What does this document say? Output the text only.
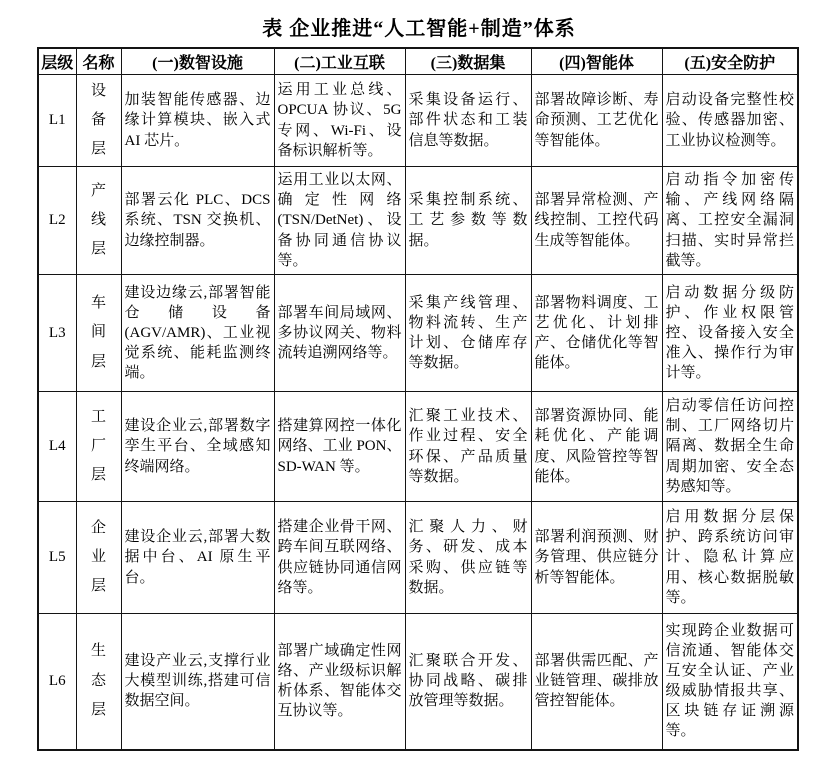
表 企业推进“人工智能+制造”体系
层级	名称	(一)数智设施	(二)工业互联	(三)数据集	(四)智能体	(五)安全防护
L1	设备层	加装智能传感器、边缘计算模块、嵌入式 AI 芯片。	运用工业总线、OPCUA 协议、5G 专网、Wi-Fi、设备标识解析等。	采集设备运行、部件状态和工装信息等数据。	部署故障诊断、寿命预测、工艺优化等智能体。	启动设备完整性校验、传感器加密、工业协议检测等。
L2	产线层	部署云化 PLC、DCS 系统、TSN 交换机、边缘控制器。	运用工业以太网、确定性网络(TSN/DetNet)、设备协同通信协议等。	采集控制系统、工艺参数等数据。	部署异常检测、产线控制、工控代码生成等智能体。	启动指令加密传输、产线网络隔离、工控安全漏洞扫描、实时异常拦截等。
L3	车间层	建设边缘云,部署智能仓储设备(AGV/AMR)、工业视觉系统、能耗监测终端。	部署车间局域网、多协议网关、物料流转追溯网络等。	采集产线管理、物料流转、生产计划、仓储库存等数据。	部署物料调度、工艺优化、计划排产、仓储优化等智能体。	启动数据分级防护、作业权限管控、设备接入安全准入、操作行为审计等。
L4	工厂层	建设企业云,部署数字孪生平台、全域感知终端网络。	搭建算网控一体化网络、工业 PON、SD-WAN 等。	汇聚工业技术、作业过程、安全环保、产品质量等数据。	部署资源协同、能耗优化、产能调度、风险管控等智能体。	启动零信任访问控制、工厂网络切片隔离、数据全生命周期加密、安全态势感知等。
L5	企业层	建设企业云,部署大数据中台、AI 原生平台。	搭建企业骨干网、跨车间互联网络、供应链协同通信网络等。	汇聚人力、财务、研发、成本采购、供应链等数据。	部署利润预测、财务管理、供应链分析等智能体。	启用数据分层保护、跨系统访问审计、隐私计算应用、核心数据脱敏等。
L6	生态层	建设产业云,支撑行业大模型训练,搭建可信数据空间。	部署广域确定性网络、产业级标识解析体系、智能体交互协议等。	汇聚联合开发、协同战略、碳排放管理等数据。	部署供需匹配、产业链管理、碳排放管控智能体。	实现跨企业数据可信流通、智能体交互安全认证、产业级威胁情报共享、区块链存证溯源等。
